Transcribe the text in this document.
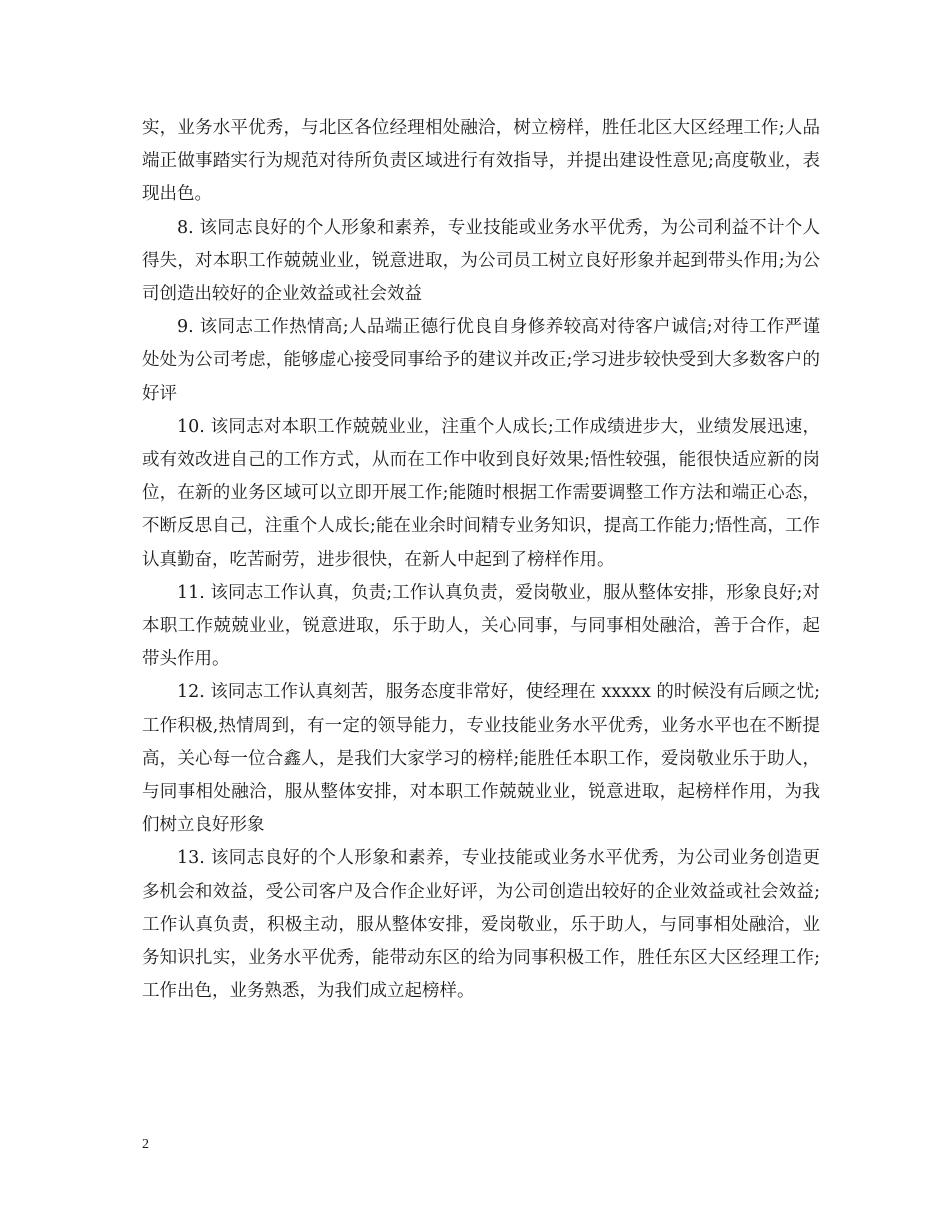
实，业务水平优秀，与北区各位经理相处融洽，树立榜样，胜任北区大区经理工作;人品端正做事踏实行为规范对待所负责区域进行有效指导，并提出建设性意见;高度敬业，表现出色。

8. 该同志良好的个人形象和素养，专业技能或业务水平优秀，为公司利益不计个人得失，对本职工作兢兢业业，锐意进取，为公司员工树立良好形象并起到带头作用;为公司创造出较好的企业效益或社会效益

9. 该同志工作热情高;人品端正德行优良自身修养较高对待客户诚信;对待工作严谨处处为公司考虑，能够虚心接受同事给予的建议并改正;学习进步较快受到大多数客户的好评

10. 该同志对本职工作兢兢业业，注重个人成长;工作成绩进步大，业绩发展迅速，或有效改进自己的工作方式，从而在工作中收到良好效果;悟性较强，能很快适应新的岗位，在新的业务区域可以立即开展工作;能随时根据工作需要调整工作方法和端正心态，不断反思自己，注重个人成长;能在业余时间精专业务知识，提高工作能力;悟性高，工作认真勤奋，吃苦耐劳，进步很快，在新人中起到了榜样作用。

11. 该同志工作认真，负责;工作认真负责，爱岗敬业，服从整体安排，形象良好;对本职工作兢兢业业，锐意进取，乐于助人，关心同事，与同事相处融洽，善于合作，起带头作用。

12. 该同志工作认真刻苦，服务态度非常好，使经理在 xxxxx 的时候没有后顾之忧;工作积极,热情周到，有一定的领导能力，专业技能业务水平优秀，业务水平也在不断提高，关心每一位合鑫人，是我们大家学习的榜样;能胜任本职工作，爱岗敬业乐于助人，与同事相处融洽，服从整体安排，对本职工作兢兢业业，锐意进取，起榜样作用，为我们树立良好形象

13. 该同志良好的个人形象和素养，专业技能或业务水平优秀，为公司业务创造更多机会和效益，受公司客户及合作企业好评，为公司创造出较好的企业效益或社会效益;工作认真负责，积极主动，服从整体安排，爱岗敬业，乐于助人，与同事相处融洽，业务知识扎实，业务水平优秀，能带动东区的给为同事积极工作，胜任东区大区经理工作;工作出色，业务熟悉，为我们成立起榜样。

2
